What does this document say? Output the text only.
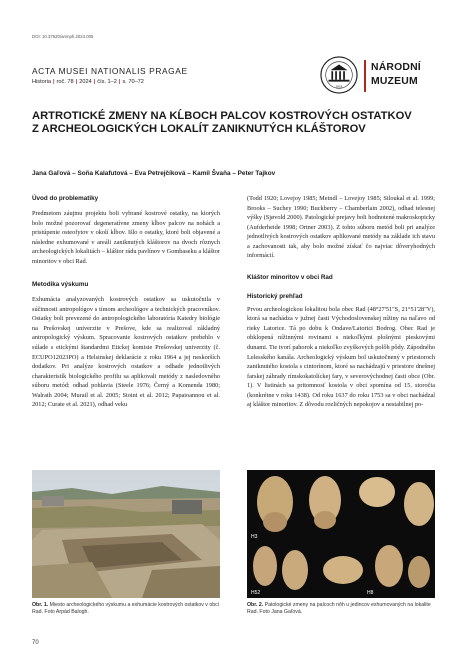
DOI: 10.37520/amnph.2024.005
ACTA MUSEI NATIONALIS PRAGAE
Historia | roč. 78 | 2024 | čís. 1–2 | s. 70–72
1818
NÁRODNÍ
MUZEUM
ARTROTICKÉ ZMENY NA KĹBOCH PALCOV KOSTROVÝCH OSTATKOV
Z ARCHEOLOGICKÝCH LOKALÍT ZANIKNUTÝCH KLÁŠTOROV
Jana Gaľová – Soňa Kalafutová – Eva Petrejčíková – Kamil Švaňa – Peter Tajkov
Úvod do problematiky

Predmetom záujmu projektu boli vybrané kostrové ostatky, na ktorých bolo možné pozorovať degeneratívne zmeny kĺbov palcov na nohách a pristúpenie osteofytov v okolí kĺbov. Išlo o ostatky, ktoré boli objavené a následne exhumované v areáli zaniknutých kláštorov na dvoch rôznych archeologických lokalitách – kláštor rádu pavlínov v Gombaseku a kláštor minoritov v obci Rad.

Metodika výskumu

Exhumácia analyzovaných kostrových ostatkov sa uskutočnila v súčinnosti antropológov s tímom archeológov a technických pracovníkov. Ostatky boli prevezené do antropologického laboratória Katedry biológie na Prešovskej univerzite v Prešove, kde sa realizoval základný antropologický výskum. Spracovanie kostrových ostatkov prebehlo v súlade s etickými štandardmi Etickej komisie Prešovskej univerzity (č. ECUPO12023PO) a Helsinskej deklarácie z roku 1964 a jej neskorších dodatkov. Pri analýze kostrových ostatkov a odhade jednotlivých charakteristík biologického profilu sa aplikovali metódy z nasledovného súboru metód: odhad pohlavia (Steele 1976; Černý a Komenda 1980; Walrath 2004; Murail et al. 2005; Stoini et al. 2012; Papaioannou et al. 2012; Curate et al. 2021), odhad veku

(Todd 1920; Lovejoy 1985; Meindl – Lovejoy 1985; Stloukal et al. 1999; Brooks – Suchey 1990; Buckberry – Chamberlain 2002), odhad telesnej výšky (Sjøvold 2000). Patologické prejavy boli hodnotené makroskopicky (Aufderheide 1998; Ortner 2003). Z tohto súboru metód boli pri analýze jednotlivých kostrových ostatkov aplikované metódy na základe ich stavu a zachovanosti tak, aby bolo možné získať čo najviac dôveryhodných informácií.

Kláštor minoritov v obci Rad
Historický prehľad

Prvou archeologickou lokalitou bola obec Rad (48°27'51"S, 21°51'28"V), ktorá sa nachádza v južnej časti Východoslovenskej nížiny na naľavo od rieky Latorice. Tá po dobu k Ondave/Latorici Bodrog. Obec Rad je obklopená nížinnými rovinami s niekoľkými plošnými pieskovými dunami. Tie tvorí pahorok a niekoľko zvyškových polôh pôdy. Zápodného Lelesského kanála. Archeologický výskum bol uskutočnený v priestoroch zaniknutého kostola s cintorínom, ktoré sa nachádzajú v priestore dnešnej farskej záhrady rímskokatolíckej fary, v severovýchodnej časti obce (Obr. 1). V listinách sa pritomnosť kostola v obci spomína od 15. storočia (konkrétne v roku 1438). Od roku 1637 do roku 1753 sa v obci nachádzal aj kláštor minoritov. Z dôvodu rozličných nepokojov a nestabilnej po-

Obr. 1. Miesto archeologického výskumu a exhumácie kostrových ostatkov v obci Rad. Foto Arpád Balogh.
H3
H52	H8
Obr. 2. Patologické zmeny na palcoch nôh u jedincov exhumovaných na lokalite Rad. Foto Jana Gaľová.
70
